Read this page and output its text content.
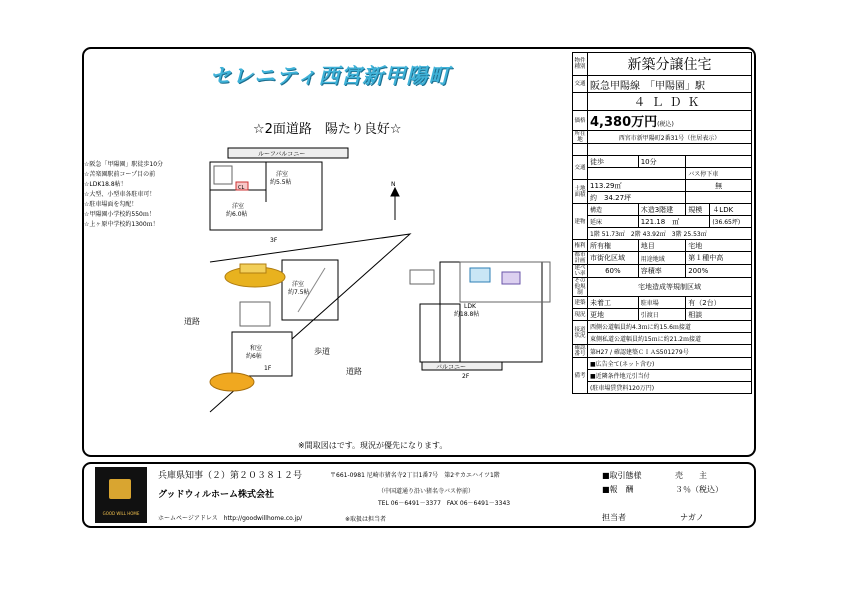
セレニティ西宮新甲陽町
☆2面道路　陽たり良好☆
☆阪急「甲陽園」駅徒歩10分
☆苦楽園駅前コープ目の前
☆LDK18.8帖！
☆大型、小型車各駐車可！
☆駐車場面を勾配！
☆甲陽園小学校約550ｍ！
☆上ヶ原中学校約1300ｍ！
ルーフバルコニー
洋室
約5.5帖
洋室
約6.0帖
CL
3F
洋室
約7.5帖
和室
約6帖
1F
LDK
約18.8帖
バルコニー
2F
道路
道路
歩道
N
※間取図はです。現況が優先になります。
物件種別	新築分譲住宅			
交通	阪急甲陽線　 「甲陽園」駅			
	４ＬＤＫ			
価格	4,380万円(税込)			
所在地	西宮市新甲陽町2番31号（住居表示）			

交通	徒歩	10分		
			バス停下車	
土地面積	113.29㎡		無	
	約　34.27坪			
建物	構造	木造3階建	規模	４LDK
	延床	121.18　㎡		(36.65坪)
	1階 51.73㎡　2階 43.92㎡　3階 25.53㎡			
権利	所有権	地目	宅地	
都市計画	市街化区域	用途地域	第１種中高	
建ぺい率	60%	容積率	200%	
その他規制	宅地造成等規制区域			
建築	未着工	駐車場	有（2台）	
現況	更地	引渡日	相談	
接道状況	西側公道幅員約4.3ｍに約15.6ｍ接道			
	東側私道公道幅員約15ｍに約21.2ｍ接道			
確認番号	第H27 / 確認建築ＣＩＡS501279号			
備考	■広告全て(ネット含む)			
	■近隣条件地元引当付			
	(駐車場賃貸料120万円)			
GOOD WILL HOME
兵庫県知事（２）第２０３８１２号
グッドウィルホーム株式会社
ホームページアドレス　http://goodwillhome.co.jp/
〒661-0981 尼崎市猪名寺2丁目1番7号　第2サカエハイツ1階
（中国道通り沿い猪名寺バス停前）
TEL 06－6491－3377　FAX 06－6491－3343
※取扱は担当者
■取引態様	売　　主
■報　酬	３％（税込）
担当者	ナガノ
